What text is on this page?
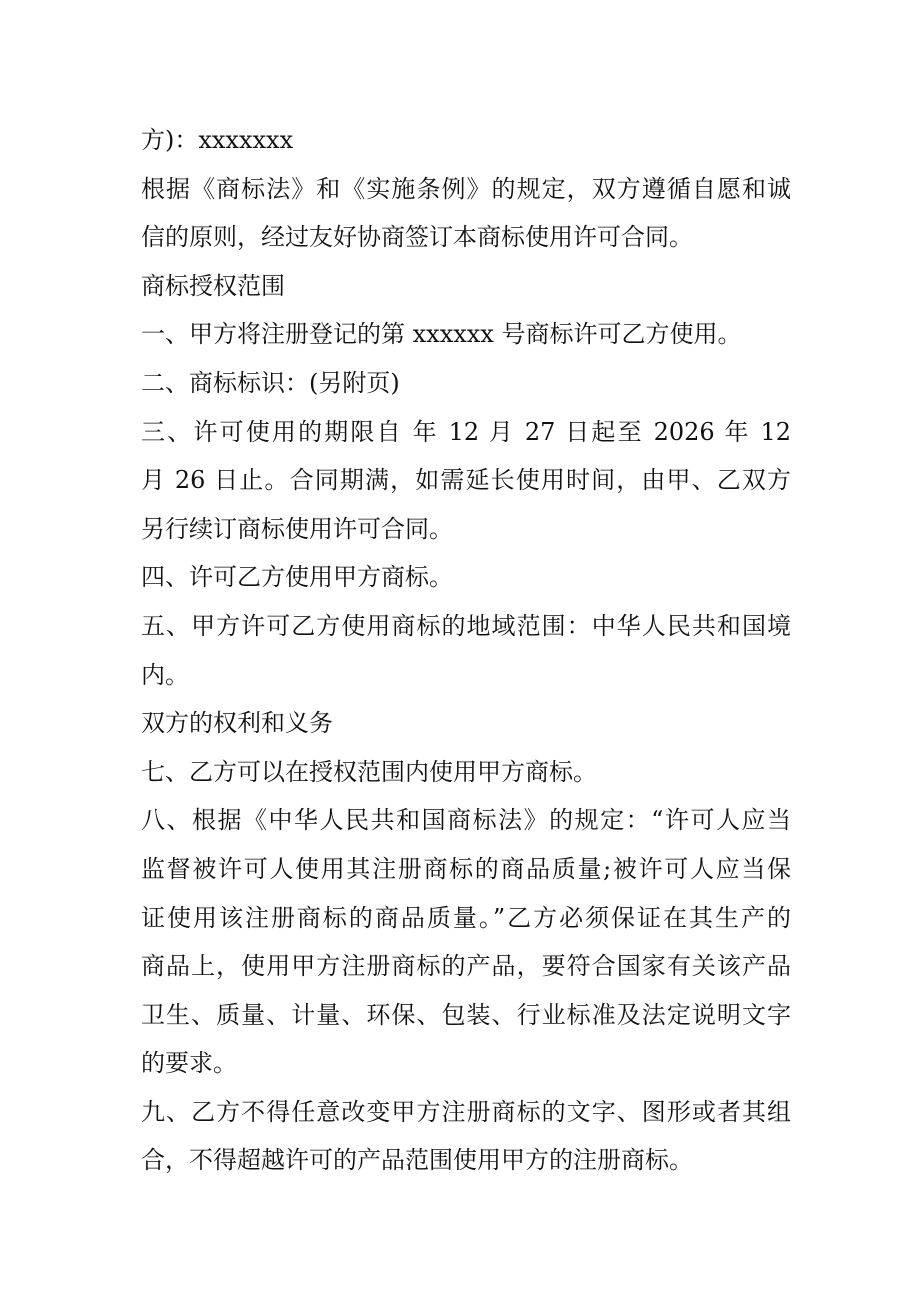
方)：xxxxxxx
根据《商标法》和《实施条例》的规定，双方遵循自愿和诚
信的原则，经过友好协商签订本商标使用许可合同。
商标授权范围
一、甲方将注册登记的第 xxxxxx 号商标许可乙方使用。
二、商标标识：(另附页)
三、许可使用的期限自 年 12 月 27 日起至 2026 年 12
月 26 日止。合同期满，如需延长使用时间，由甲、乙双方
另行续订商标使用许可合同。
四、许可乙方使用甲方商标。
五、甲方许可乙方使用商标的地域范围：中华人民共和国境
内。
双方的权利和义务
七、乙方可以在授权范围内使用甲方商标。
八、根据《中华人民共和国商标法》的规定：“许可人应当
监督被许可人使用其注册商标的商品质量;被许可人应当保
证使用该注册商标的商品质量。”乙方必须保证在其生产的
商品上，使用甲方注册商标的产品，要符合国家有关该产品
卫生、质量、计量、环保、包装、行业标准及法定说明文字
的要求。
九、乙方不得任意改变甲方注册商标的文字、图形或者其组
合，不得超越许可的产品范围使用甲方的注册商标。
